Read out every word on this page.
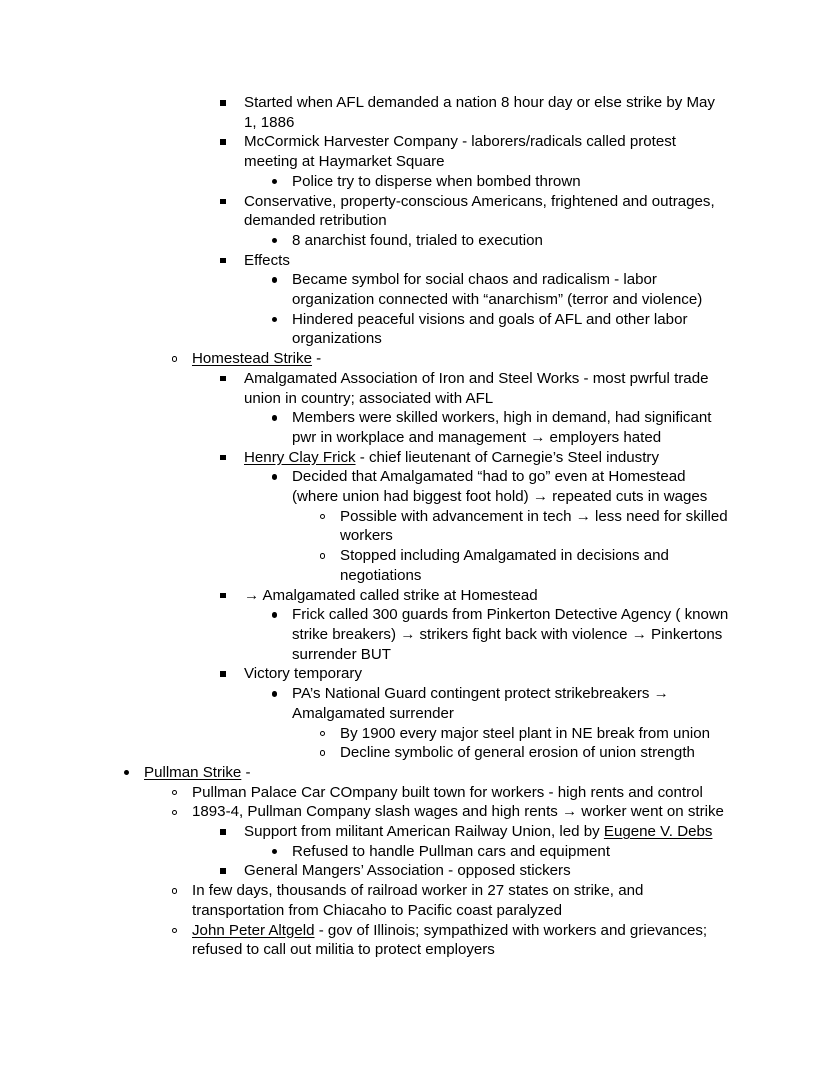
Started when AFL demanded a nation 8 hour day or else strike by May 1, 1886
McCormick Harvester Company - laborers/radicals called protest meeting at Haymarket Square
Police try to disperse when bombed thrown
Conservative, property-conscious Americans, frightened and outrages, demanded retribution
8 anarchist found, trialed to execution
Effects
Became symbol for social chaos and radicalism - labor organization connected with “anarchism” (terror and violence)
Hindered peaceful visions and goals of AFL and other labor organizations
Homestead Strike -
Amalgamated Association of Iron and Steel Works - most pwrful trade union in country; associated with AFL
Members were skilled workers, high in demand, had significant pwr in workplace and management → employers hated
Henry Clay Frick - chief lieutenant of Carnegie’s Steel industry
Decided that Amalgamated “had to go” even at Homestead (where union had biggest foot hold) → repeated cuts in wages
Possible with advancement in tech → less need for skilled workers
Stopped including Amalgamated in decisions and negotiations
→ Amalgamated called strike at Homestead
Frick called 300 guards from Pinkerton Detective Agency ( known strike breakers) → strikers fight back with violence → Pinkertons surrender BUT
Victory temporary
PA’s National Guard contingent protect strikebreakers → Amalgamated surrender
By 1900 every major steel plant in NE break from union
Decline symbolic of general erosion of union strength
Pullman Strike -
Pullman Palace Car COmpany built town for workers - high rents and control
1893-4, Pullman Company slash wages and high rents → worker went on strike
Support from militant American Railway Union, led by Eugene V. Debs
Refused to handle Pullman cars and equipment
General Mangers’ Association - opposed stickers
In few days, thousands of railroad worker in 27 states on strike, and transportation from Chiacaho to Pacific coast paralyzed
John Peter Altgeld - gov of Illinois; sympathized with workers and grievances; refused to call out militia to protect employers
